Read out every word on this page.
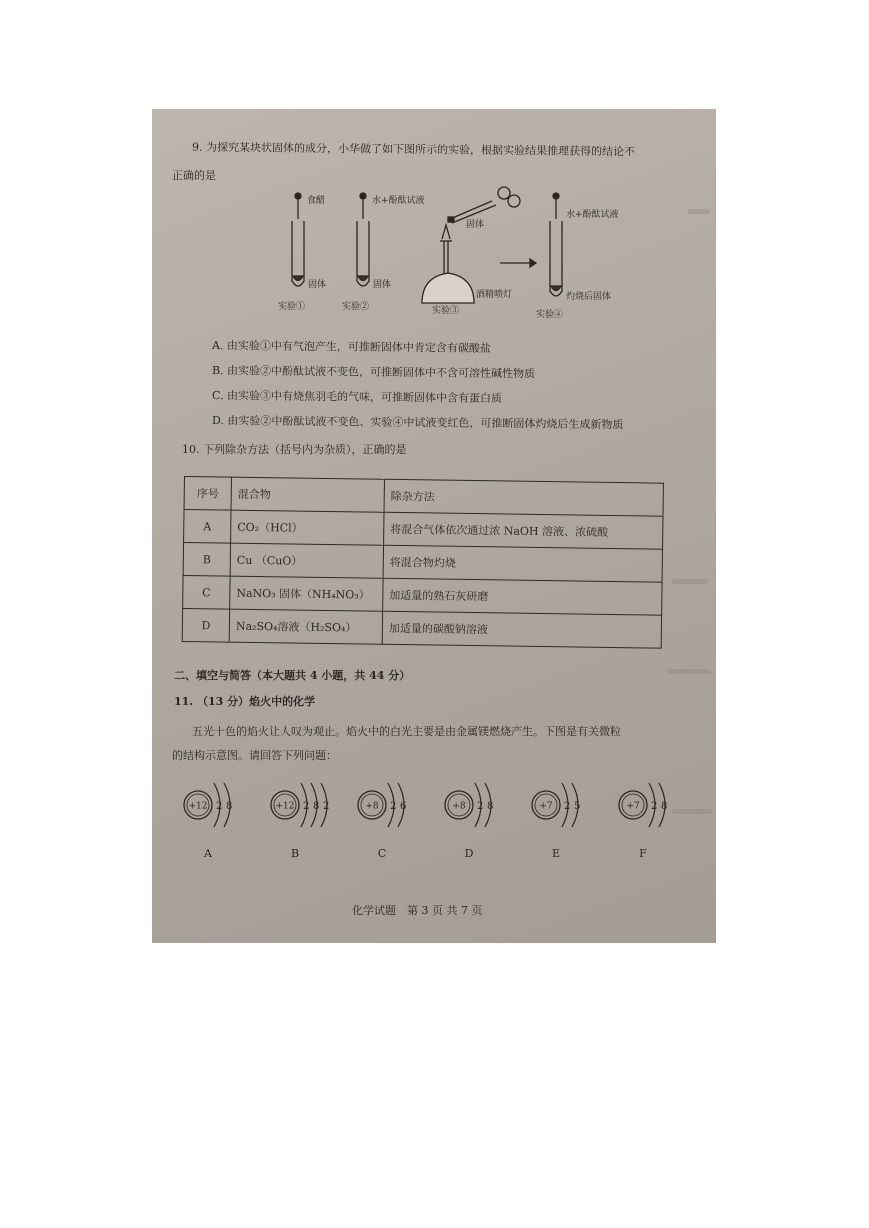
9. 为探究某块状固体的成分，小华做了如下图所示的实验，根据实验结果推理获得的结论不
正确的是
食醋
固体
实验①
水+酚酞试液
固体
实验②
固体
酒精喷灯
实验③
水+酚酞试液
灼烧后固体
实验④
A. 由实验①中有气泡产生，可推断固体中肯定含有碳酸盐
B. 由实验②中酚酞试液不变色，可推断固体中不含可溶性碱性物质
C. 由实验③中有烧焦羽毛的气味，可推断固体中含有蛋白质
D. 由实验②中酚酞试液不变色、实验④中试液变红色，可推断固体灼烧后生成新物质
10. 下列除杂方法（括号内为杂质），正确的是
序号	混合物	除杂方法
A	CO₂（HCl）	将混合气体依次通过浓 NaOH 溶液、浓硫酸
B	Cu （CuO）	将混合物灼烧
C	NaNO₃ 固体（NH₄NO₃）	加适量的熟石灰研磨
D	Na₂SO₄溶液（H₂SO₄）	加适量的碳酸钠溶液
二、填空与简答（本大题共 4 小题，共 44 分）
11. （13 分）焰火中的化学
五光十色的焰火让人叹为观止。焰火中的白光主要是由金属镁燃烧产生。下图是有关微粒
的结构示意图。请回答下列问题：
+12 2 8
A
+12 2 8 2
B
+8 2 6
C
+8 2 8
D
+7 2 5
E
+7 2 8
F
化学试题　第 3 页 共 7 页
